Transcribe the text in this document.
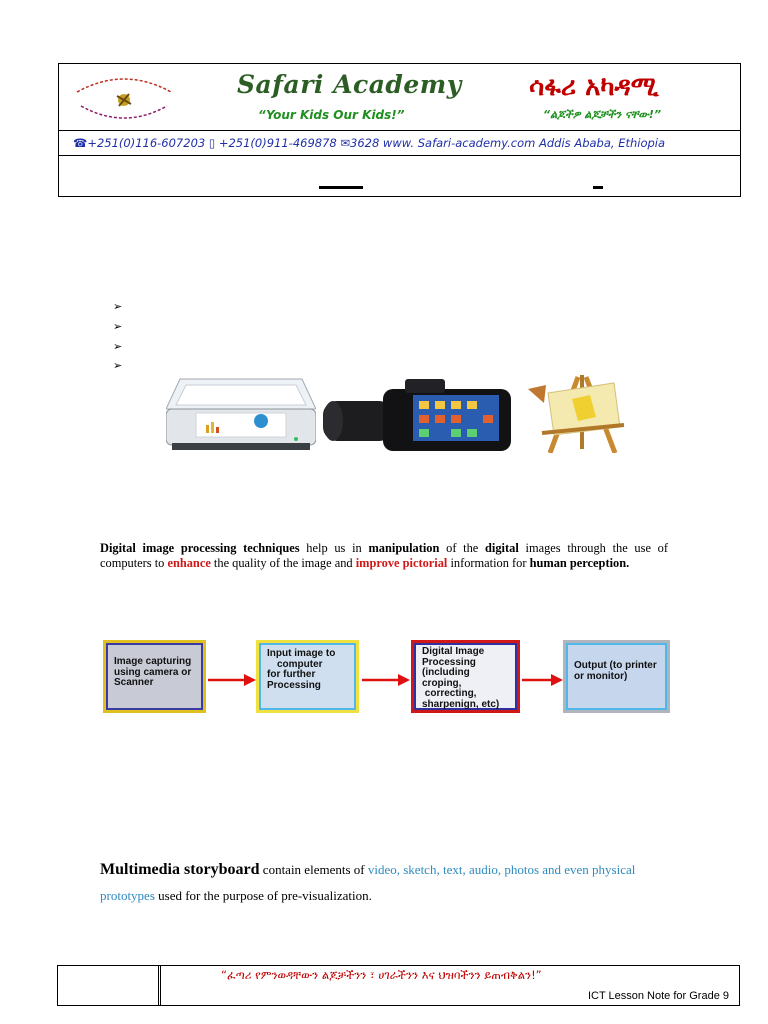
Safari Academy
“Your Kids Our Kids!”
ሳፋሪ አካዳሚ
“ልጆችዎ ልጆቻችን ናቸው!”
☎+251(0)116-607203 ▯ +251(0)911-469878 ✉3628 www. Safari-academy.com Addis Ababa, Ethiopia
➢
➢
➢
➢
Digital image processing techniques help us in manipulation of the digital images through the use of computers to enhance the quality of the image and improve pictorial information for human perception.
Image capturing
using camera or
Scanner
Input image to
computer
for further
Processing
Digital Image
Processing
(including croping,
correcting,
sharpenign, etc)
Output (to printer
or monitor)
Multimedia storyboard contain elements of video, sketch, text, audio, photos and even physical prototypes used for the purpose of pre-visualization.
“ፈጣሪ የምንወዳቸውን ልጆቻችንን ፣ ሀገራችንን እና ህዝባችንን ይጠብቅልን!”
ICT Lesson Note for Grade 9
